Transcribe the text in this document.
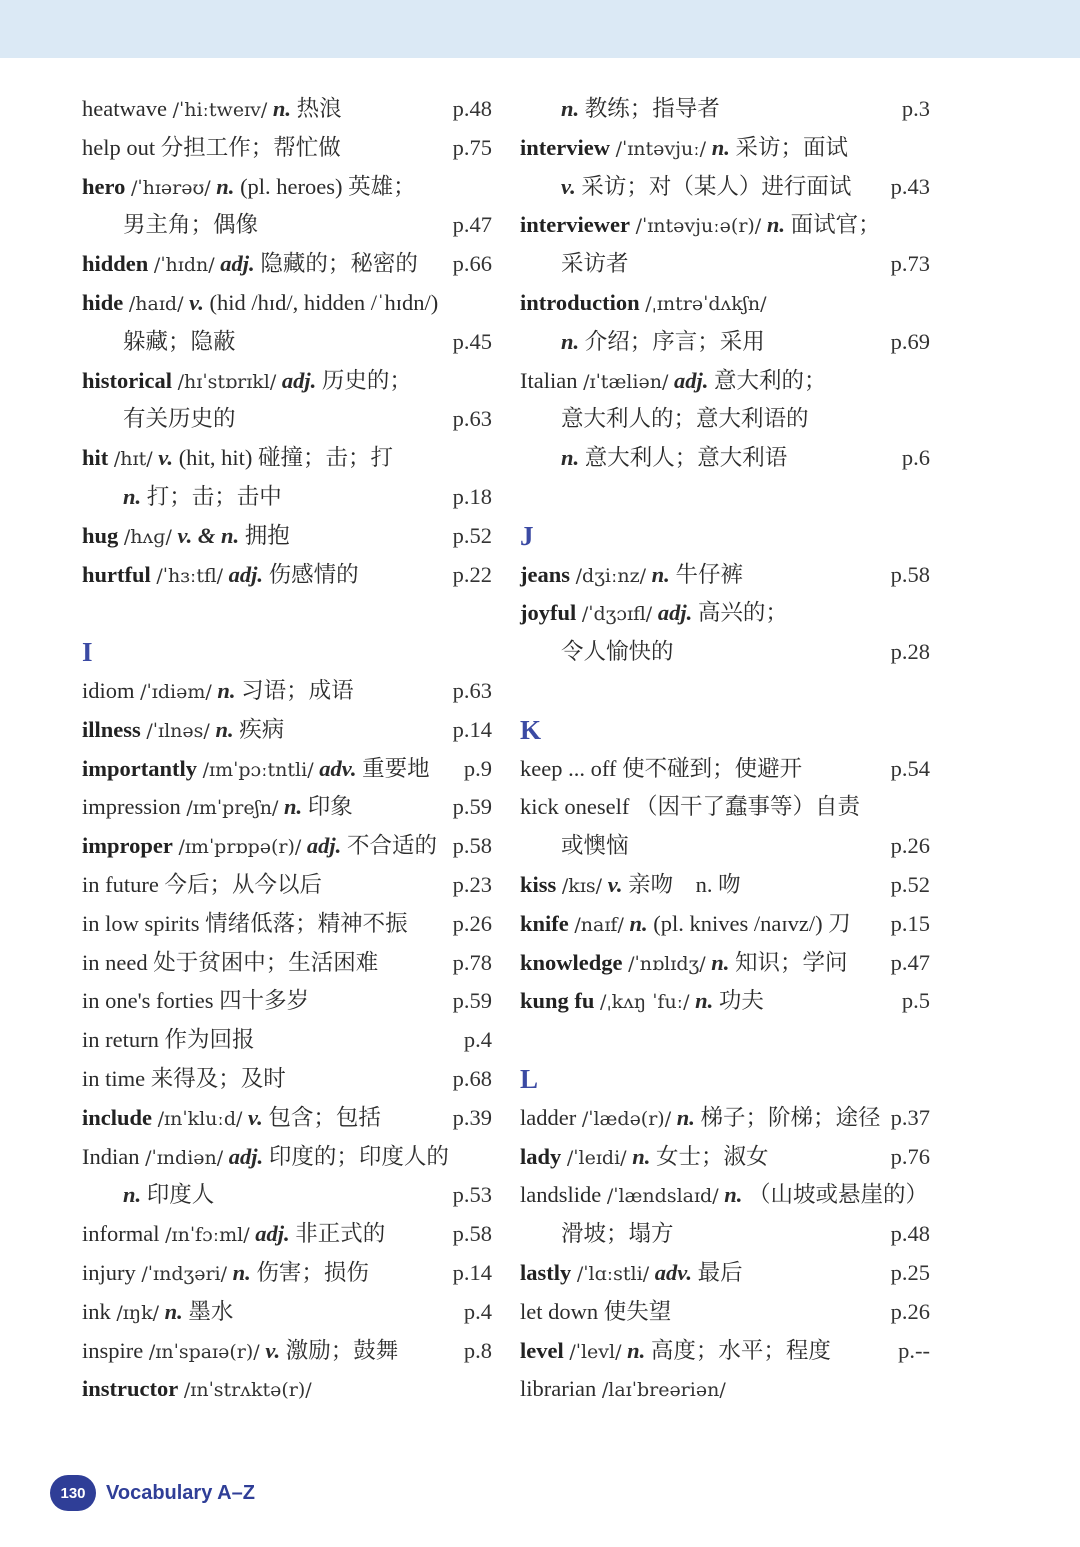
heatwave /ˈhiːtweɪv/ n. 热浪	p.48
help out 分担工作；帮忙做	p.75
hero /ˈhɪərəʊ/ n. (pl. heroes) 英雄；
男主角；偶像	p.47
hidden /ˈhɪdn/ adj. 隐藏的；秘密的 p.66
hide /haɪd/ v. (hid /hɪd/, hidden /ˈhɪdn/)
躲藏；隐蔽	p.45
historical /hɪˈstɒrɪkl/ adj. 历史的；
有关历史的	p.63
hit /hɪt/ v. (hit, hit) 碰撞；击；打
n. 打；击；击中	p.18
hug /hʌɡ/ v. & n. 拥抱	p.52
hurtful /ˈhɜːtfl/ adj. 伤感情的	p.22
I
idiom /ˈɪdiəm/ n. 习语；成语	p.63
illness /ˈɪlnəs/ n. 疾病	p.14
importantly /ɪmˈpɔːtntli/ adv. 重要地 p.9
impression /ɪmˈpreʃn/ n. 印象	p.59
improper /ɪmˈprɒpə(r)/ adj. 不合适的 p.58
in future 今后；从今以后	p.23
in low spirits 情绪低落；精神不振 p.26
in need 处于贫困中；生活困难	p.78
in one's forties 四十多岁	p.59
in return 作为回报	p.4
in time 来得及；及时	p.68
include /ɪnˈkluːd/ v. 包含；包括	p.39
Indian /ˈɪndiən/ adj. 印度的；印度人的
n. 印度人	p.53
informal /ɪnˈfɔːml/ adj. 非正式的	p.58
injury /ˈɪndʒəri/ n. 伤害；损伤	p.14
ink /ɪŋk/ n. 墨水	p.4
inspire /ɪnˈspaɪə(r)/ v. 激励；鼓舞	p.8
instructor /ɪnˈstrʌktə(r)/
n. 教练；指导者	p.3
interview /ˈɪntəvjuː/ n. 采访；面试
v. 采访；对（某人）进行面试 p.43
interviewer /ˈɪntəvjuːə(r)/ n. 面试官；
采访者	p.73
introduction /ˌɪntrəˈdʌkʃn/
n. 介绍；序言；采用	p.69
Italian /ɪˈtæliən/ adj. 意大利的；
意大利人的；意大利语的
n. 意大利人；意大利语	p.6
J
jeans /dʒiːnz/ n. 牛仔裤	p.58
joyful /ˈdʒɔɪfl/ adj. 高兴的；
令人愉快的	p.28
K
keep ... off 使不碰到；使避开	p.54
kick oneself （因干了蠢事等）自责
或懊恼	p.26
kiss /kɪs/ v. 亲吻　n. 吻	p.52
knife /naɪf/ n. (pl. knives /naɪvz/) 刀 p.15
knowledge /ˈnɒlɪdʒ/ n. 知识；学问 p.47
kung fu /ˌkʌŋ ˈfuː/ n. 功夫	p.5
L
ladder /ˈlædə(r)/ n. 梯子；阶梯；途径 p.37
lady /ˈleɪdi/ n. 女士；淑女	p.76
landslide /ˈlændslaɪd/ n. （山坡或悬崖的）
滑坡；塌方	p.48
lastly /ˈlɑːstli/ adv. 最后	p.25
let down 使失望	p.26
level /ˈlevl/ n. 高度；水平；程度	p.--
librarian /laɪˈbreəriən/
130	Vocabulary A–Z
